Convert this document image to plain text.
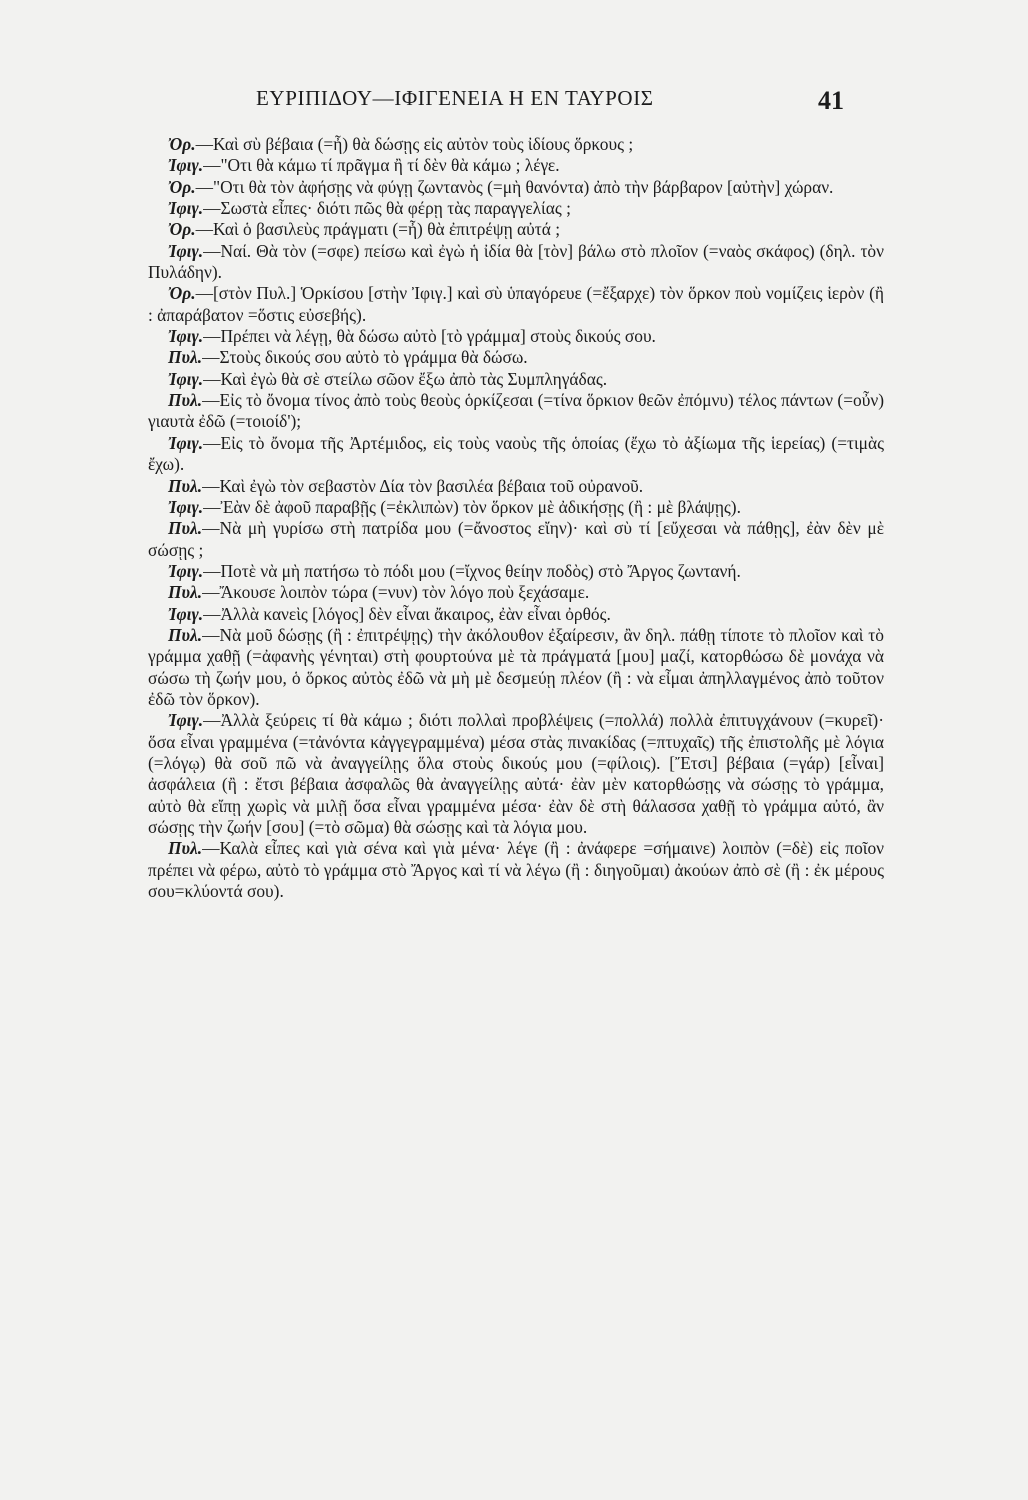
ΕΥΡΙΠΙΔΟΥ—ΙΦΙΓΕΝΕΙΑ Η ΕΝ ΤΑΥΡΟΙΣ	41

Ὀρ.—Καὶ σὺ βέβαια (=ἦ) θὰ δώσῃς εἰς αὐτὸν τοὺς ἰδίους ὅρκους ;

Ἰφιγ.—"Οτι θὰ κάμω τί πρᾶγμα ἢ τί δὲν θὰ κάμω ; λέγε.

Ὀρ.—"Οτι θὰ τὸν ἀφήσῃς νὰ φύγῃ ζωντανὸς (=μὴ θανόντα) ἀπὸ τὴν βάρβαρον [αὐτὴν] χώραν.

Ἰφιγ.—Σωστὰ εἶπες· διότι πῶς θὰ φέρῃ τὰς παραγγελίας ;

Ὀρ.—Καὶ ὁ βασιλεὺς πράγματι (=ἦ) θὰ ἐπιτρέψῃ αὐτά ;

Ἰφιγ.—Ναί. Θὰ τὸν (=σφε) πείσω καὶ ἐγὼ ἡ ἰδία θὰ [τὸν] βάλω στὸ πλοῖον (=ναὸς σκάφος) (δηλ. τὸν Πυλάδην).

Ὀρ.—[στὸν Πυλ.] Ὁρκίσου [στὴν Ἰφιγ.] καὶ σὺ ὑπαγόρευε (=ἔξαρχε) τὸν ὅρκον ποὺ νομίζεις ἱερὸν (ἢ : ἀπαράβατον =ὅστις εὐσεβής).

Ἰφιγ.—Πρέπει νὰ λέγῃ, θὰ δώσω αὐτὸ [τὸ γράμμα] στοὺς δικούς σου.

Πυλ.—Στοὺς δικούς σου αὐτὸ τὸ γράμμα θὰ δώσω.

Ἰφιγ.—Καὶ ἐγὼ θὰ σὲ στείλω σῶον ἔξω ἀπὸ τὰς Συμπληγάδας.

Πυλ.—Εἰς τὸ ὄνομα τίνος ἀπὸ τοὺς θεοὺς ὁρκίζεσαι (=τίνα ὅρκιον θεῶν ἐπόμνυ) τέλος πάντων (=οὖν) γιαυτὰ ἐδῶ (=τοιοίδ');

Ἰφιγ.—Εἰς τὸ ὄνομα τῆς Ἀρτέμιδος, εἰς τοὺς ναοὺς τῆς ὁποίας (ἔχω τὸ ἀξίωμα τῆς ἱερείας) (=τιμὰς ἔχω).

Πυλ.—Καὶ ἐγὼ τὸν σεβαστὸν Δία τὸν βασιλέα βέβαια τοῦ οὐρανοῦ.

Ἰφιγ.—Ἐὰν δὲ ἀφοῦ παραβῇς (=ἐκλιπὼν) τὸν ὅρκον μὲ ἀδικήσῃς (ἢ : μὲ βλάψῃς).

Πυλ.—Νὰ μὴ γυρίσω στὴ πατρίδα μου (=ἄνοστος εἴην)· καὶ σὺ τί [εὔχεσαι νὰ πάθῃς], ἐὰν δὲν μὲ σώσῃς ;

Ἰφιγ.—Ποτὲ νὰ μὴ πατήσω τὸ πόδι μου (=ἴχνος θείην ποδὸς) στὸ Ἄργος ζωντανή.

Πυλ.—Ἄκουσε λοιπὸν τώρα (=νυν) τὸν λόγο ποὺ ξεχάσαμε.

Ἰφιγ.—Ἀλλὰ κανεὶς [λόγος] δὲν εἶναι ἄκαιρος, ἐὰν εἶναι ὀρθός.

Πυλ.—Νὰ μοῦ δώσῃς (ἢ : ἐπιτρέψῃς) τὴν ἀκόλουθον ἐξαίρεσιν, ἂν δηλ. πάθῃ τίποτε τὸ πλοῖον καὶ τὸ γράμμα χαθῇ (=ἀφανὴς γένηται) στὴ φουρτούνα μὲ τὰ πράγματά [μου] μαζί, κατορθώσω δὲ μονάχα νὰ σώσω τὴ ζωήν μου, ὁ ὅρκος αὐτὸς ἐδῶ νὰ μὴ μὲ δεσμεύῃ πλέον (ἢ : νὰ εἶμαι ἀπηλλαγμένος ἀπὸ τοῦτον ἐδῶ τὸν ὅρκον).

Ἰφιγ.—Ἀλλὰ ξεύρεις τί θὰ κάμω ; διότι πολλαὶ προβλέψεις (=πολλά) πολλὰ ἐπιτυγχάνουν (=κυρεῖ)· ὅσα εἶναι γραμμένα (=τἀνόντα κἀγγεγραμμένα) μέσα στὰς πινακίδας (=πτυχαῖς) τῆς ἐπιστολῆς μὲ λόγια (=λόγῳ) θὰ σοῦ πῶ νὰ ἀναγγείλῃς ὅλα στοὺς δικούς μου (=φίλοις). [Ἔτσι] βέβαια (=γάρ) [εἶναι] ἀσφάλεια (ἢ : ἔτσι βέβαια ἀσφαλῶς θὰ ἀναγγείλῃς αὐτά· ἐὰν μὲν κατορθώσῃς νὰ σώσῃς τὸ γράμμα, αὐτὸ θὰ εἴπῃ χωρὶς νὰ μιλῇ ὅσα εἶναι γραμμένα μέσα· ἐὰν δὲ στὴ θάλασσα χαθῇ τὸ γράμμα αὐτό, ἂν σώσῃς τὴν ζωήν [σου] (=τὸ σῶμα) θὰ σώσῃς καὶ τὰ λόγια μου.

Πυλ.—Καλὰ εἶπες καὶ γιὰ σένα καὶ γιὰ μένα· λέγε (ἢ : ἀνάφερε =σήμαινε) λοιπὸν (=δὲ) εἰς ποῖον πρέπει νὰ φέρω, αὐτὸ τὸ γράμμα στὸ Ἄργος καὶ τί νὰ λέγω (ἢ : διηγοῦμαι) ἀκούων ἀπὸ σὲ (ἢ : ἐκ μέρους σου=κλύοντά σου).
